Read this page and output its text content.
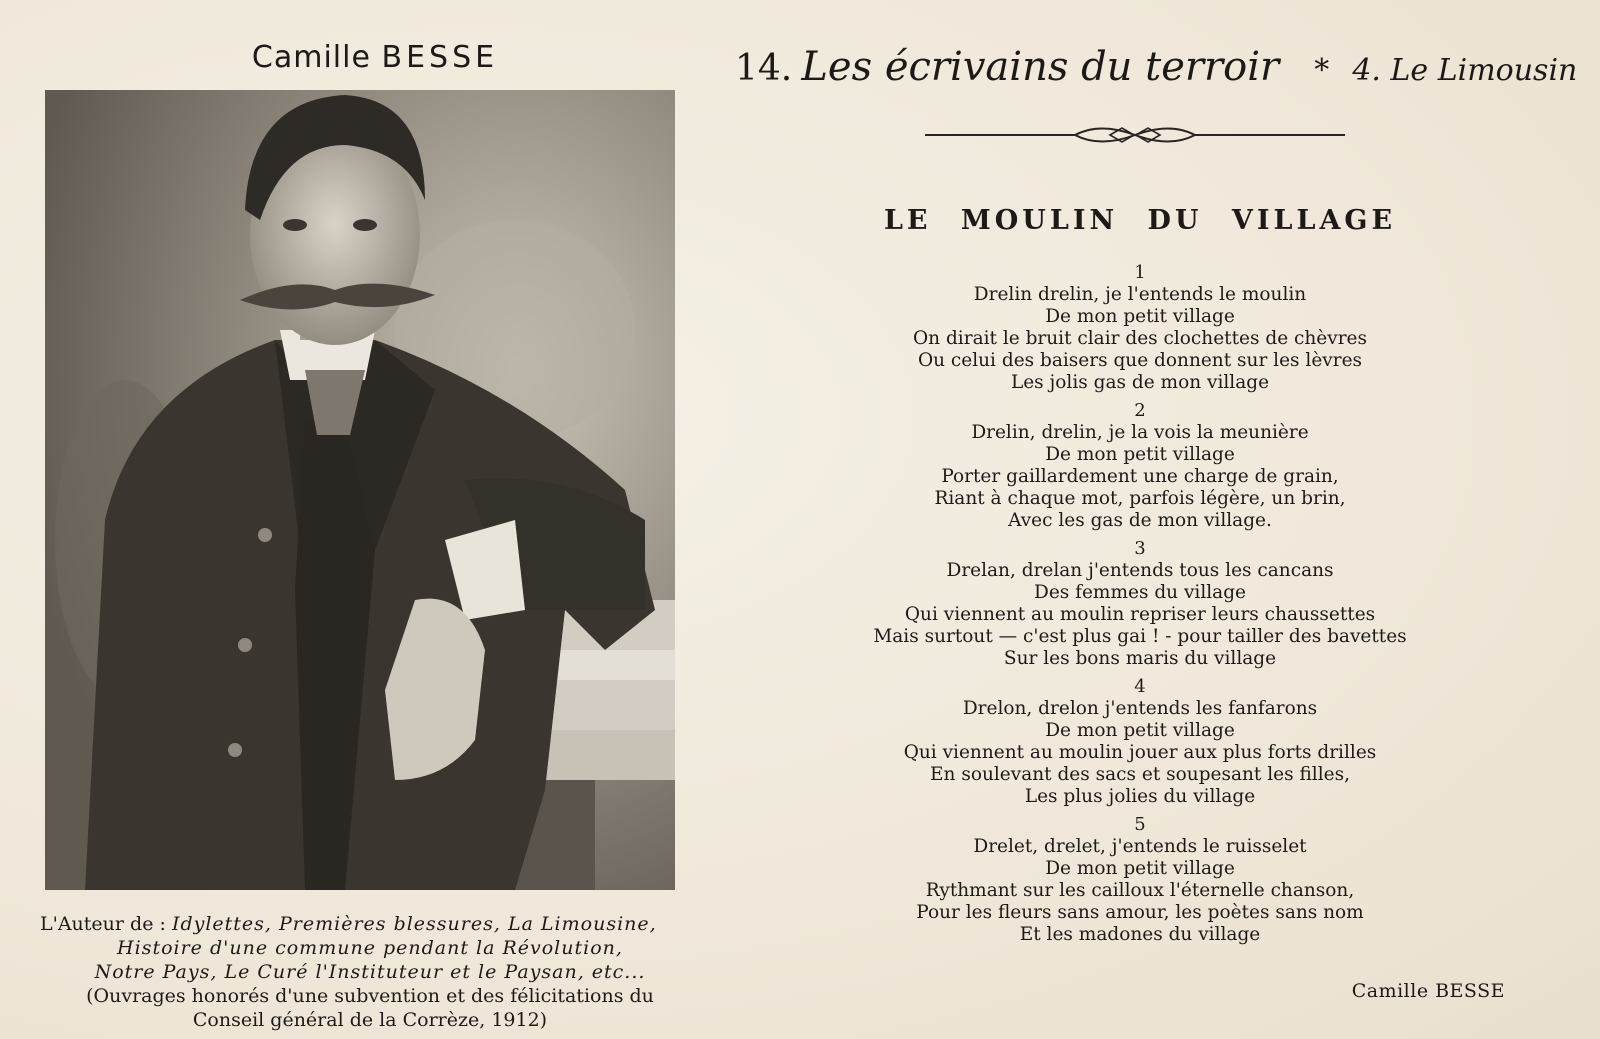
Camille BESSE
L'Auteur de : Idylettes, Premières blessures, La Limousine,
Histoire d'une commune pendant la Révolution,
Notre Pays, Le Curé l'Instituteur et le Paysan, etc...
(Ouvrages honorés d'une subvention et des félicitations du
Conseil général de la Corrèze, 1912)
14. Les écrivains du terroir * 4. Le Limousin
LE MOULIN DU VILLAGE
1
Drelin drelin, je l'entends le moulin
De mon petit village
On dirait le bruit clair des clochettes de chèvres
Ou celui des baisers que donnent sur les lèvres
Les jolis gas de mon village
2
Drelin, drelin, je la vois la meunière
De mon petit village
Porter gaillardement une charge de grain,
Riant à chaque mot, parfois légère, un brin,
Avec les gas de mon village.
3
Drelan, drelan j'entends tous les cancans
Des femmes du village
Qui viennent au moulin repriser leurs chaussettes
Mais surtout — c'est plus gai ! - pour tailler des bavettes
Sur les bons maris du village
4
Drelon, drelon j'entends les fanfarons
De mon petit village
Qui viennent au moulin jouer aux plus forts drilles
En soulevant des sacs et soupesant les filles,
Les plus jolies du village
5
Drelet, drelet, j'entends le ruisselet
De mon petit village
Rythmant sur les cailloux l'éternelle chanson,
Pour les fleurs sans amour, les poètes sans nom
Et les madones du village
Camille BESSE
